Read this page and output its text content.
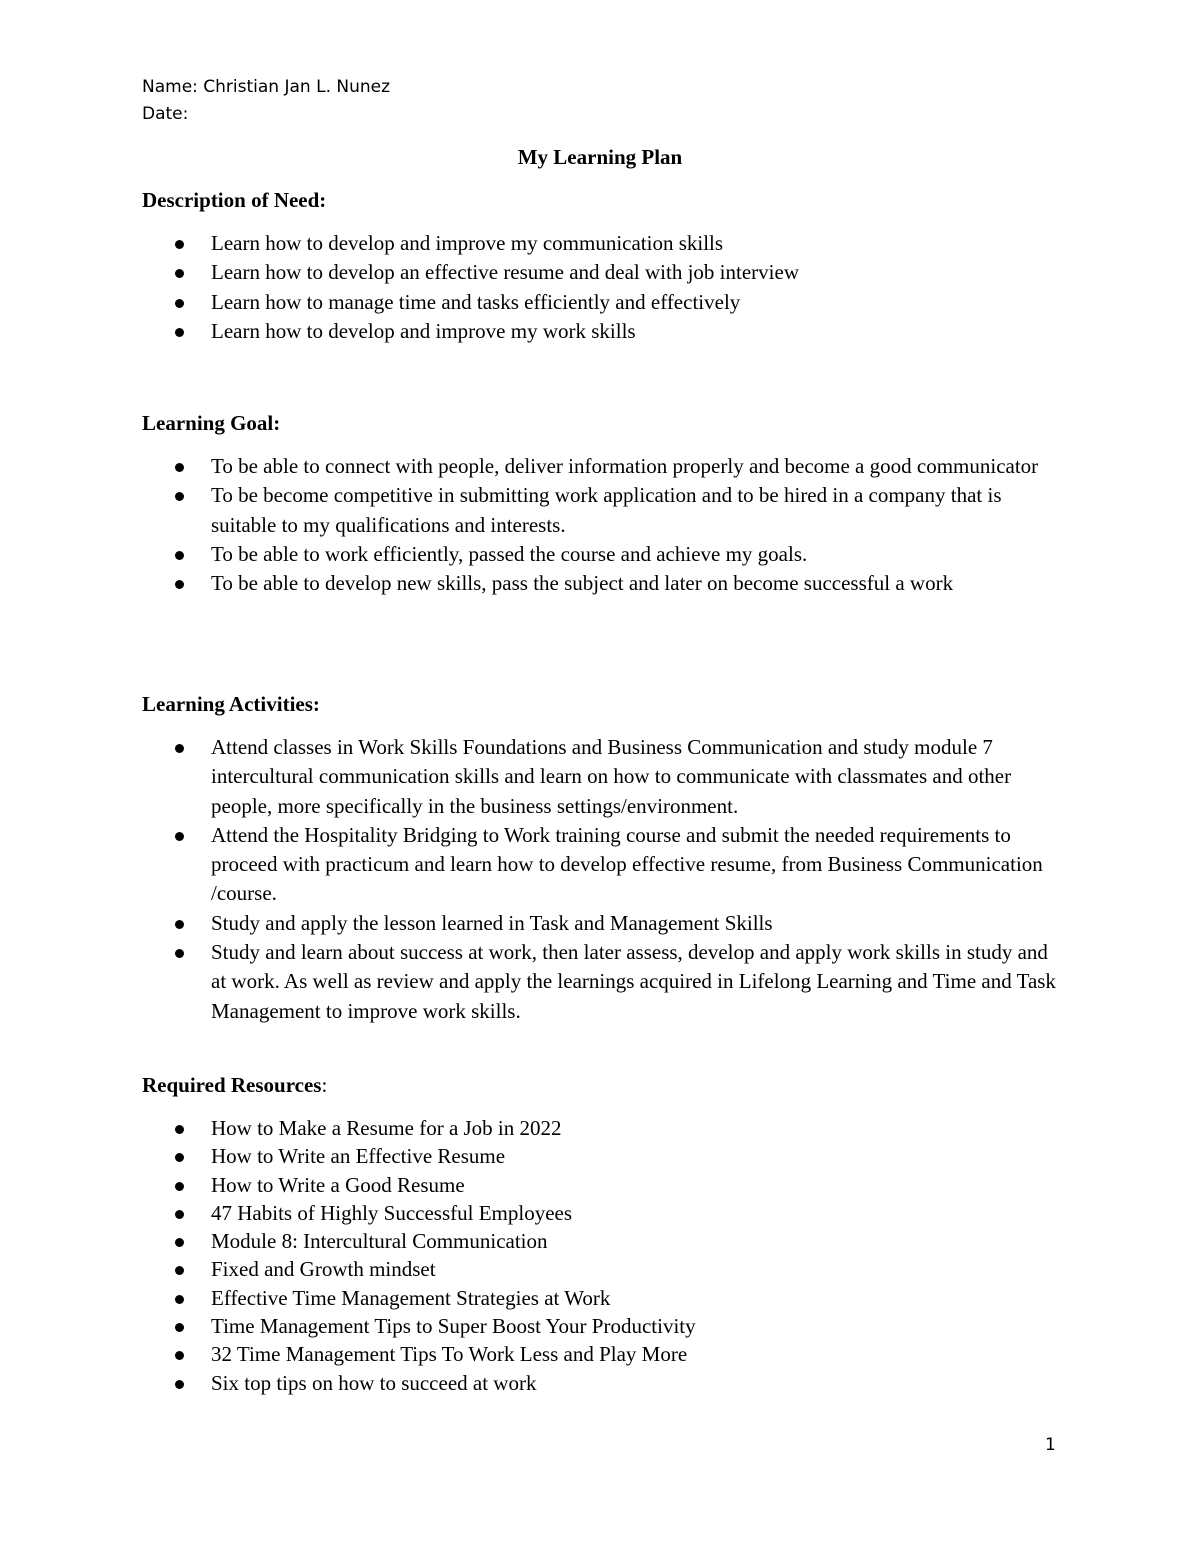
Name: Christian Jan L. Nunez
Date:
My Learning Plan
Description of Need:
Learn how to develop and improve my communication skills
Learn how to develop an effective resume and deal with job interview
Learn how to manage time and tasks efficiently and effectively
Learn how to develop and improve my work skills
Learning Goal:
To be able to connect with people, deliver information properly and become a good communicator
To be become competitive in submitting work application and to be hired in a company that is suitable to my qualifications and interests.
To be able to work efficiently, passed the course and achieve my goals.
To be able to develop new skills, pass the subject and later on become successful a work
Learning Activities:
Attend classes in Work Skills Foundations and Business Communication and study module 7 intercultural communication skills and learn on how to communicate with classmates and other people, more specifically in the business settings/environment.
Attend the Hospitality Bridging to Work training course and submit the needed requirements to proceed with practicum and learn how to develop effective resume, from Business Communication /course.
Study and apply the lesson learned in Task and Management Skills
Study and learn about success at work, then later assess, develop and apply work skills in study and at work. As well as review and apply the learnings acquired in Lifelong Learning and Time and Task Management to improve work skills.
Required Resources:
How to Make a Resume for a Job in 2022
How to Write an Effective Resume
How to Write a Good Resume
47 Habits of Highly Successful Employees
Module 8: Intercultural Communication
Fixed and Growth mindset
Effective Time Management Strategies at Work
Time Management Tips to Super Boost Your Productivity
32 Time Management Tips To Work Less and Play More
Six top tips on how to succeed at work
1
